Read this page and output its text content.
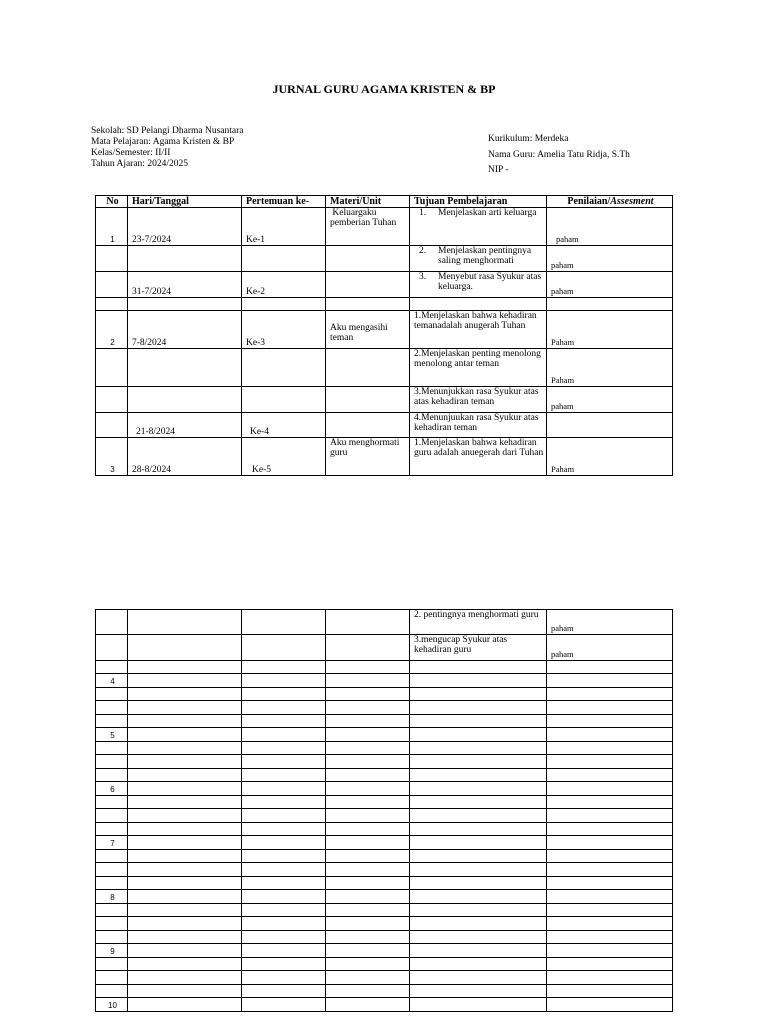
JURNAL GURU AGAMA KRISTEN & BP
Sekolah: SD Pelangi Dharma Nusantara
Mata Pelajaran: Agama Kristen & BP
Kelas/Semester: II/II
Tahun Ajaran: 2024/2025
Kurikulum: Merdeka
Nama Guru: Amelia Tatu Ridja, S.Th
NIP -
No	Hari/Tanggal	Pertemuan ke-	Materi/Unit	Tujuan Pembelajaran	Penilaian/Assesment
1	23-7/2024	Ke-1	Keluargaku pemberian Tuhan	1. Menjelaskan arti keluarga	paham

				2. Menjelaskan pentingnya saling menghormati	paham
	31-7/2024	Ke-2		3. Menyebut rasa Syukur atas keluarga.	paham

2	7-8/2024	Ke-3	Aku mengasihi teman	1.Menjelaskan bahwa kehadiran temanadalah anugerah Tuhan	Paham
				2.Menjelaskan penting menolong menolong antar teman	Paham
				3.Menunjukkan rasa Syukur atas atas kehadiran teman	paham
	21-8/2024	Ke-4		4.Menunjuukan rasa Syukur atas kehadiran teman	
3	28-8/2024	Ke-5	Aku menghormati guru	1.Menjelaskan bahwa kehadiran guru adalah anuegerah dari Tuhan	Paham
				2. pentingnya menghormati guru	paham
				3.mengucap Syukur atas kehadiran guru	paham

4					

5					

6					

7					

8					

9					

10					
